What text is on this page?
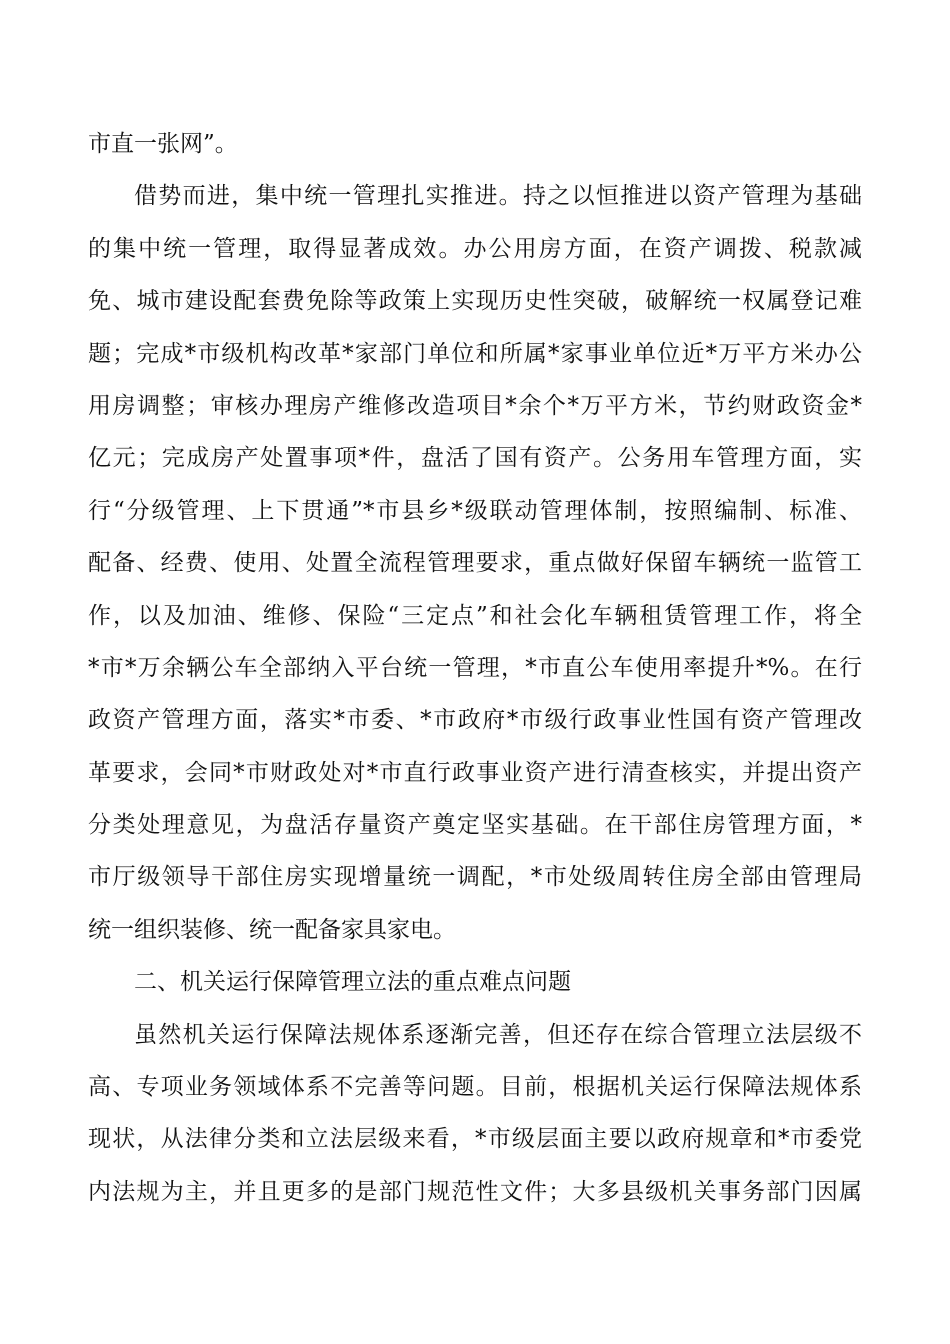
市直一张网”。
借势而进，集中统一管理扎实推进。持之以恒推进以资产管理为基础
的集中统一管理，取得显著成效。办公用房方面，在资产调拨、税款减
免、城市建设配套费免除等政策上实现历史性突破，破解统一权属登记难
题；完成*市级机构改革*家部门单位和所属*家事业单位近*万平方米办公
用房调整；审核办理房产维修改造项目*余个*万平方米，节约财政资金*
亿元；完成房产处置事项*件，盘活了国有资产。公务用车管理方面，实
行“分级管理、上下贯通”*市县乡*级联动管理体制，按照编制、标准、
配备、经费、使用、处置全流程管理要求，重点做好保留车辆统一监管工
作，以及加油、维修、保险“三定点”和社会化车辆租赁管理工作，将全
*市*万余辆公车全部纳入平台统一管理，*市直公车使用率提升*%。在行
政资产管理方面，落实*市委、*市政府*市级行政事业性国有资产管理改
革要求，会同*市财政处对*市直行政事业资产进行清查核实，并提出资产
分类处理意见，为盘活存量资产奠定坚实基础。在干部住房管理方面，*
市厅级领导干部住房实现增量统一调配，*市处级周转住房全部由管理局
统一组织装修、统一配备家具家电。
二、机关运行保障管理立法的重点难点问题
虽然机关运行保障法规体系逐渐完善，但还存在综合管理立法层级不
高、专项业务领域体系不完善等问题。目前，根据机关运行保障法规体系
现状，从法律分类和立法层级来看，*市级层面主要以政府规章和*市委党
内法规为主，并且更多的是部门规范性文件；大多县级机关事务部门因属
